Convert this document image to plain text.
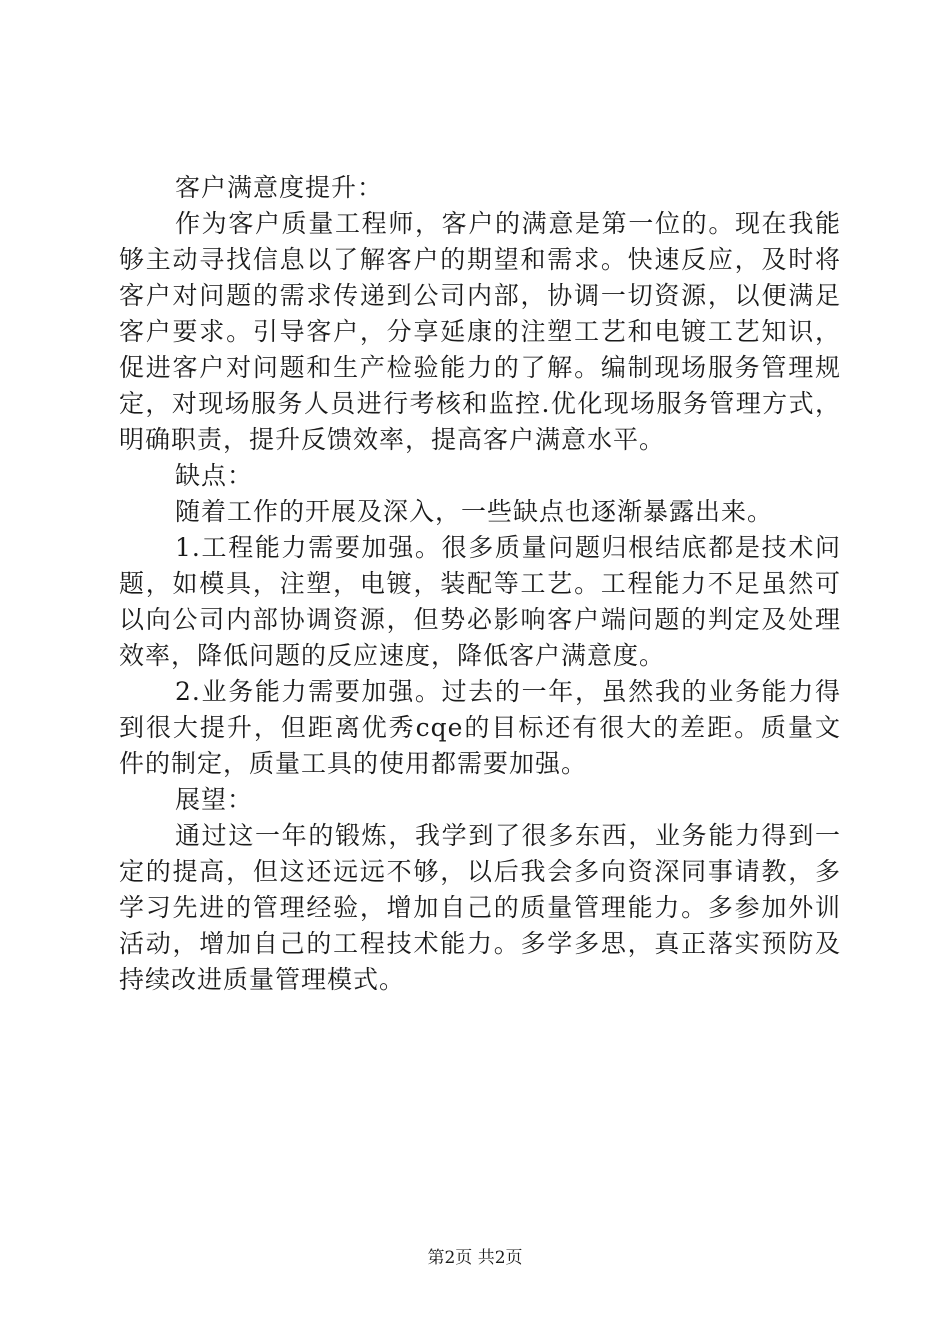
客户满意度提升：
作为客户质量工程师，客户的满意是第一位的。现在我能
够主动寻找信息以了解客户的期望和需求。快速反应，及时将
客户对问题的需求传递到公司内部，协调一切资源，以便满足
客户要求。引导客户，分享延康的注塑工艺和电镀工艺知识，
促进客户对问题和生产检验能力的了解。编制现场服务管理规
定，对现场服务人员进行考核和监控.优化现场服务管理方式，
明确职责，提升反馈效率，提高客户满意水平。
缺点：
随着工作的开展及深入，一些缺点也逐渐暴露出来。
1.工程能力需要加强。很多质量问题归根结底都是技术问
题，如模具，注塑，电镀，装配等工艺。工程能力不足虽然可
以向公司内部协调资源，但势必影响客户端问题的判定及处理
效率，降低问题的反应速度，降低客户满意度。
2.业务能力需要加强。过去的一年，虽然我的业务能力得
到很大提升，但距离优秀cqe的目标还有很大的差距。质量文
件的制定，质量工具的使用都需要加强。
展望：
通过这一年的锻炼，我学到了很多东西，业务能力得到一
定的提高，但这还远远不够，以后我会多向资深同事请教，多
学习先进的管理经验，增加自己的质量管理能力。多参加外训
活动，增加自己的工程技术能力。多学多思，真正落实预防及
持续改进质量管理模式。
第2页 共2页
